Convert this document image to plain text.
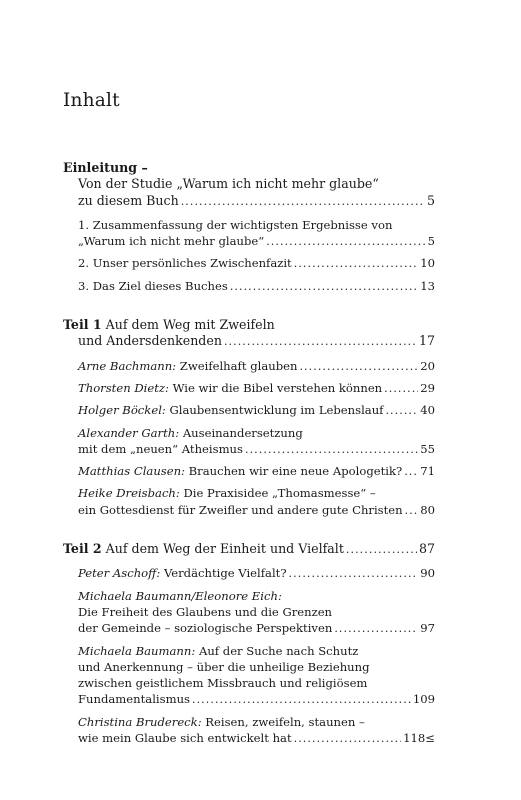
Inhalt
Einleitung –
Von der Studie „Warum ich nicht mehr glaube“
zu diesem Buch . . .	5
1. Zusammenfassung der wichtigsten Ergebnisse von
„Warum ich nicht mehr glaube“ . . .	5
2. Unser persönliches Zwischenfazit . . .	10
3. Das Ziel dieses Buches . . .	13
Teil 1 Auf dem Weg mit Zweifeln
und Andersdenkenden . . .	17
Arne Bachmann: Zweifelhaft glauben . . .	20
Thorsten Dietz: Wie wir die Bibel verstehen können . . .	29
Holger Böckel: Glaubensentwicklung im Lebenslauf . . .	40
Alexander Garth: Auseinandersetzung
mit dem „neuen“ Atheismus . . .	55
Matthias Clausen: Brauchen wir eine neue Apologetik? . . . 71
Heike Dreisbach: Die Praxisidee „Thomasmesse“ –
ein Gottesdienst für Zweifler und andere gute Christen . . . 80
Teil 2 Auf dem Weg der Einheit und Vielfalt . . .	87
Peter Aschoff: Verdächtige Vielfalt? . . .	90
Michaela Baumann/Eleonore Eich:
Die Freiheit des Glaubens und die Grenzen
der Gemeinde – soziologische Perspektiven . . .	97
Michaela Baumann: Auf der Suche nach Schutz
und Anerkennung – über die unheilige Beziehung
zwischen geistlichem Missbrauch und religiösem
Fundamentalismus . . .	109
Christina Brudereck: Reisen, zweifeln, staunen –
wie mein Glaube sich entwickelt hat . . .	118≤
